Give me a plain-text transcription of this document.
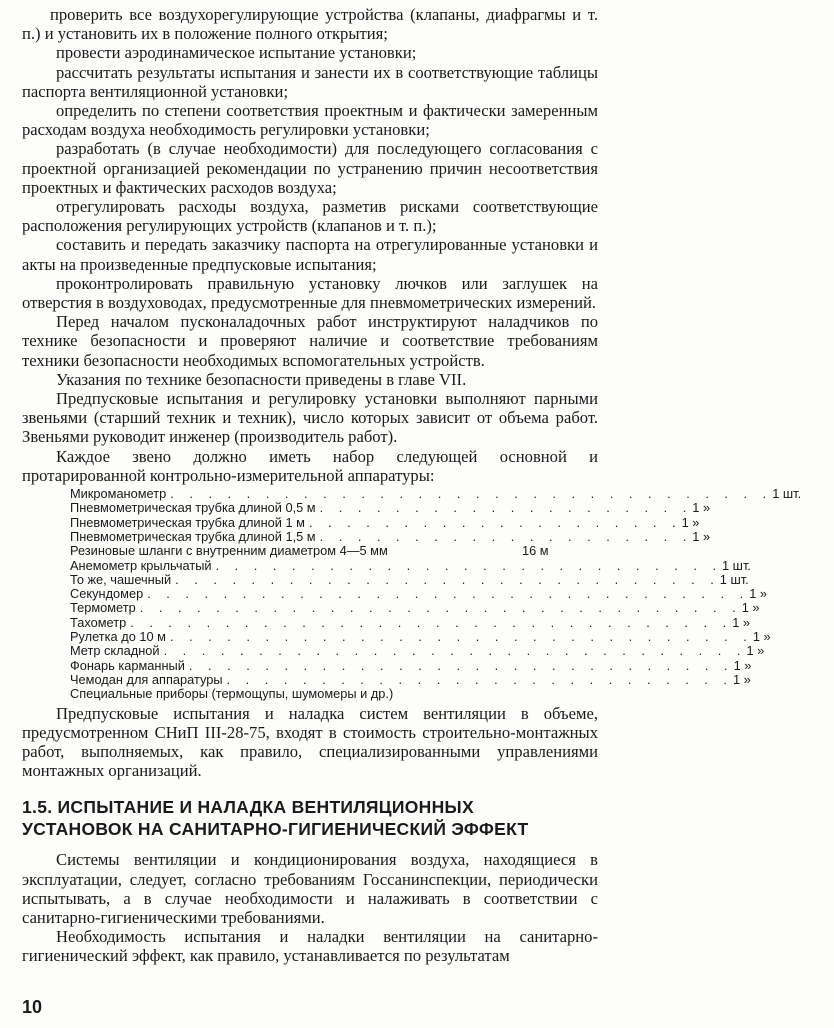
проверить все воздухорегулирующие устройства (клапаны, диафрагмы и т. п.) и установить их в положение полного открытия;

провести аэродинамическое испытание установки;

рассчитать результаты испытания и занести их в соответствующие таблицы паспорта вентиляционной установки;

определить по степени соответствия проектным и фактически замеренным расходам воздуха необходимость регулировки установки;

разработать (в случае необходимости) для последующего согласования с проектной организацией рекомендации по устранению причин несоответствия проектных и фактических расходов воздуха;

отрегулировать расходы воздуха, разметив рисками соответствующие расположения регулирующих устройств (клапанов и т. п.);

составить и передать заказчику паспорта на отрегулированные установки и акты на произведенные предпусковые испытания;

проконтролировать правильную установку лючков или заглушек на отверстия в воздуховодах, предусмотренные для пневмометрических измерений.

Перед началом пусконаладочных работ инструктируют наладчиков по технике безопасности и проверяют наличие и соответствие требованиям техники безопасности необходимых вспомогательных устройств.

Указания по технике безопасности приведены в главе VII.

Предпусковые испытания и регулировку установки выполняют парными звеньями (старший техник и техник), число которых зависит от объема работ. Звеньями руководит инженер (производитель работ).

Каждое звено должно иметь набор следующей основной и протарированной контрольно-измерительной аппаратуры:

Микроманометр . . . . . . . . . . . . . . . . . . . . . . . . . . . . . . . . 1 шт.
Пневмометрическая трубка длиной 0,5 м . . . . . . . . . . . . . . . . . . . . 1 »
Пневмометрическая трубка длиной 1 м . . . . . . . . . . . . . . . . . . . . 1 »
Пневмометрическая трубка длиной 1,5 м . . . . . . . . . . . . . . . . . . . . 1 »
Резиновые шланги с внутренним диаметром 4—5 мм	16 м
Анемометр крыльчатый . . . . . . . . . . . . . . . . . . . . . . . . . . . 1 шт.
То же, чашечный . . . . . . . . . . . . . . . . . . . . . . . . . . . . . 1 шт.
Секундомер . . . . . . . . . . . . . . . . . . . . . . . . . . . . . . . . 1 »
Термометр . . . . . . . . . . . . . . . . . . . . . . . . . . . . . . . . 1 »
Тахометр . . . . . . . . . . . . . . . . . . . . . . . . . . . . . . . . 1 »
Рулетка до 10 м . . . . . . . . . . . . . . . . . . . . . . . . . . . . . . . 1 »
Метр складной . . . . . . . . . . . . . . . . . . . . . . . . . . . . . . . 1 »
Фонарь карманный . . . . . . . . . . . . . . . . . . . . . . . . . . . . . 1 »
Чемодан для аппаратуры . . . . . . . . . . . . . . . . . . . . . . . . . . . 1 »
Специальные приборы (термощупы, шумомеры и др.)

Предпусковые испытания и наладка систем вентиляции в объеме, предусмотренном СНиП III-28-75, входят в стоимость строительно-монтажных работ, выполняемых, как правило, специализированными управлениями монтажных организаций.

1.5. ИСПЫТАНИЕ И НАЛАДКА ВЕНТИЛЯЦИОННЫХ
УСТАНОВОК НА САНИТАРНО-ГИГИЕНИЧЕСКИЙ ЭФФЕКТ

Системы вентиляции и кондиционирования воздуха, находящиеся в эксплуатации, следует, согласно требованиям Госсанинспекции, периодически испытывать, а в случае необходимости и налаживать в соответствии с санитарно-гигиеническими требованиями.

Необходимость испытания и наладки вентиляции на санитарно-гигиенический эффект, как правило, устанавливается по результатам

10
